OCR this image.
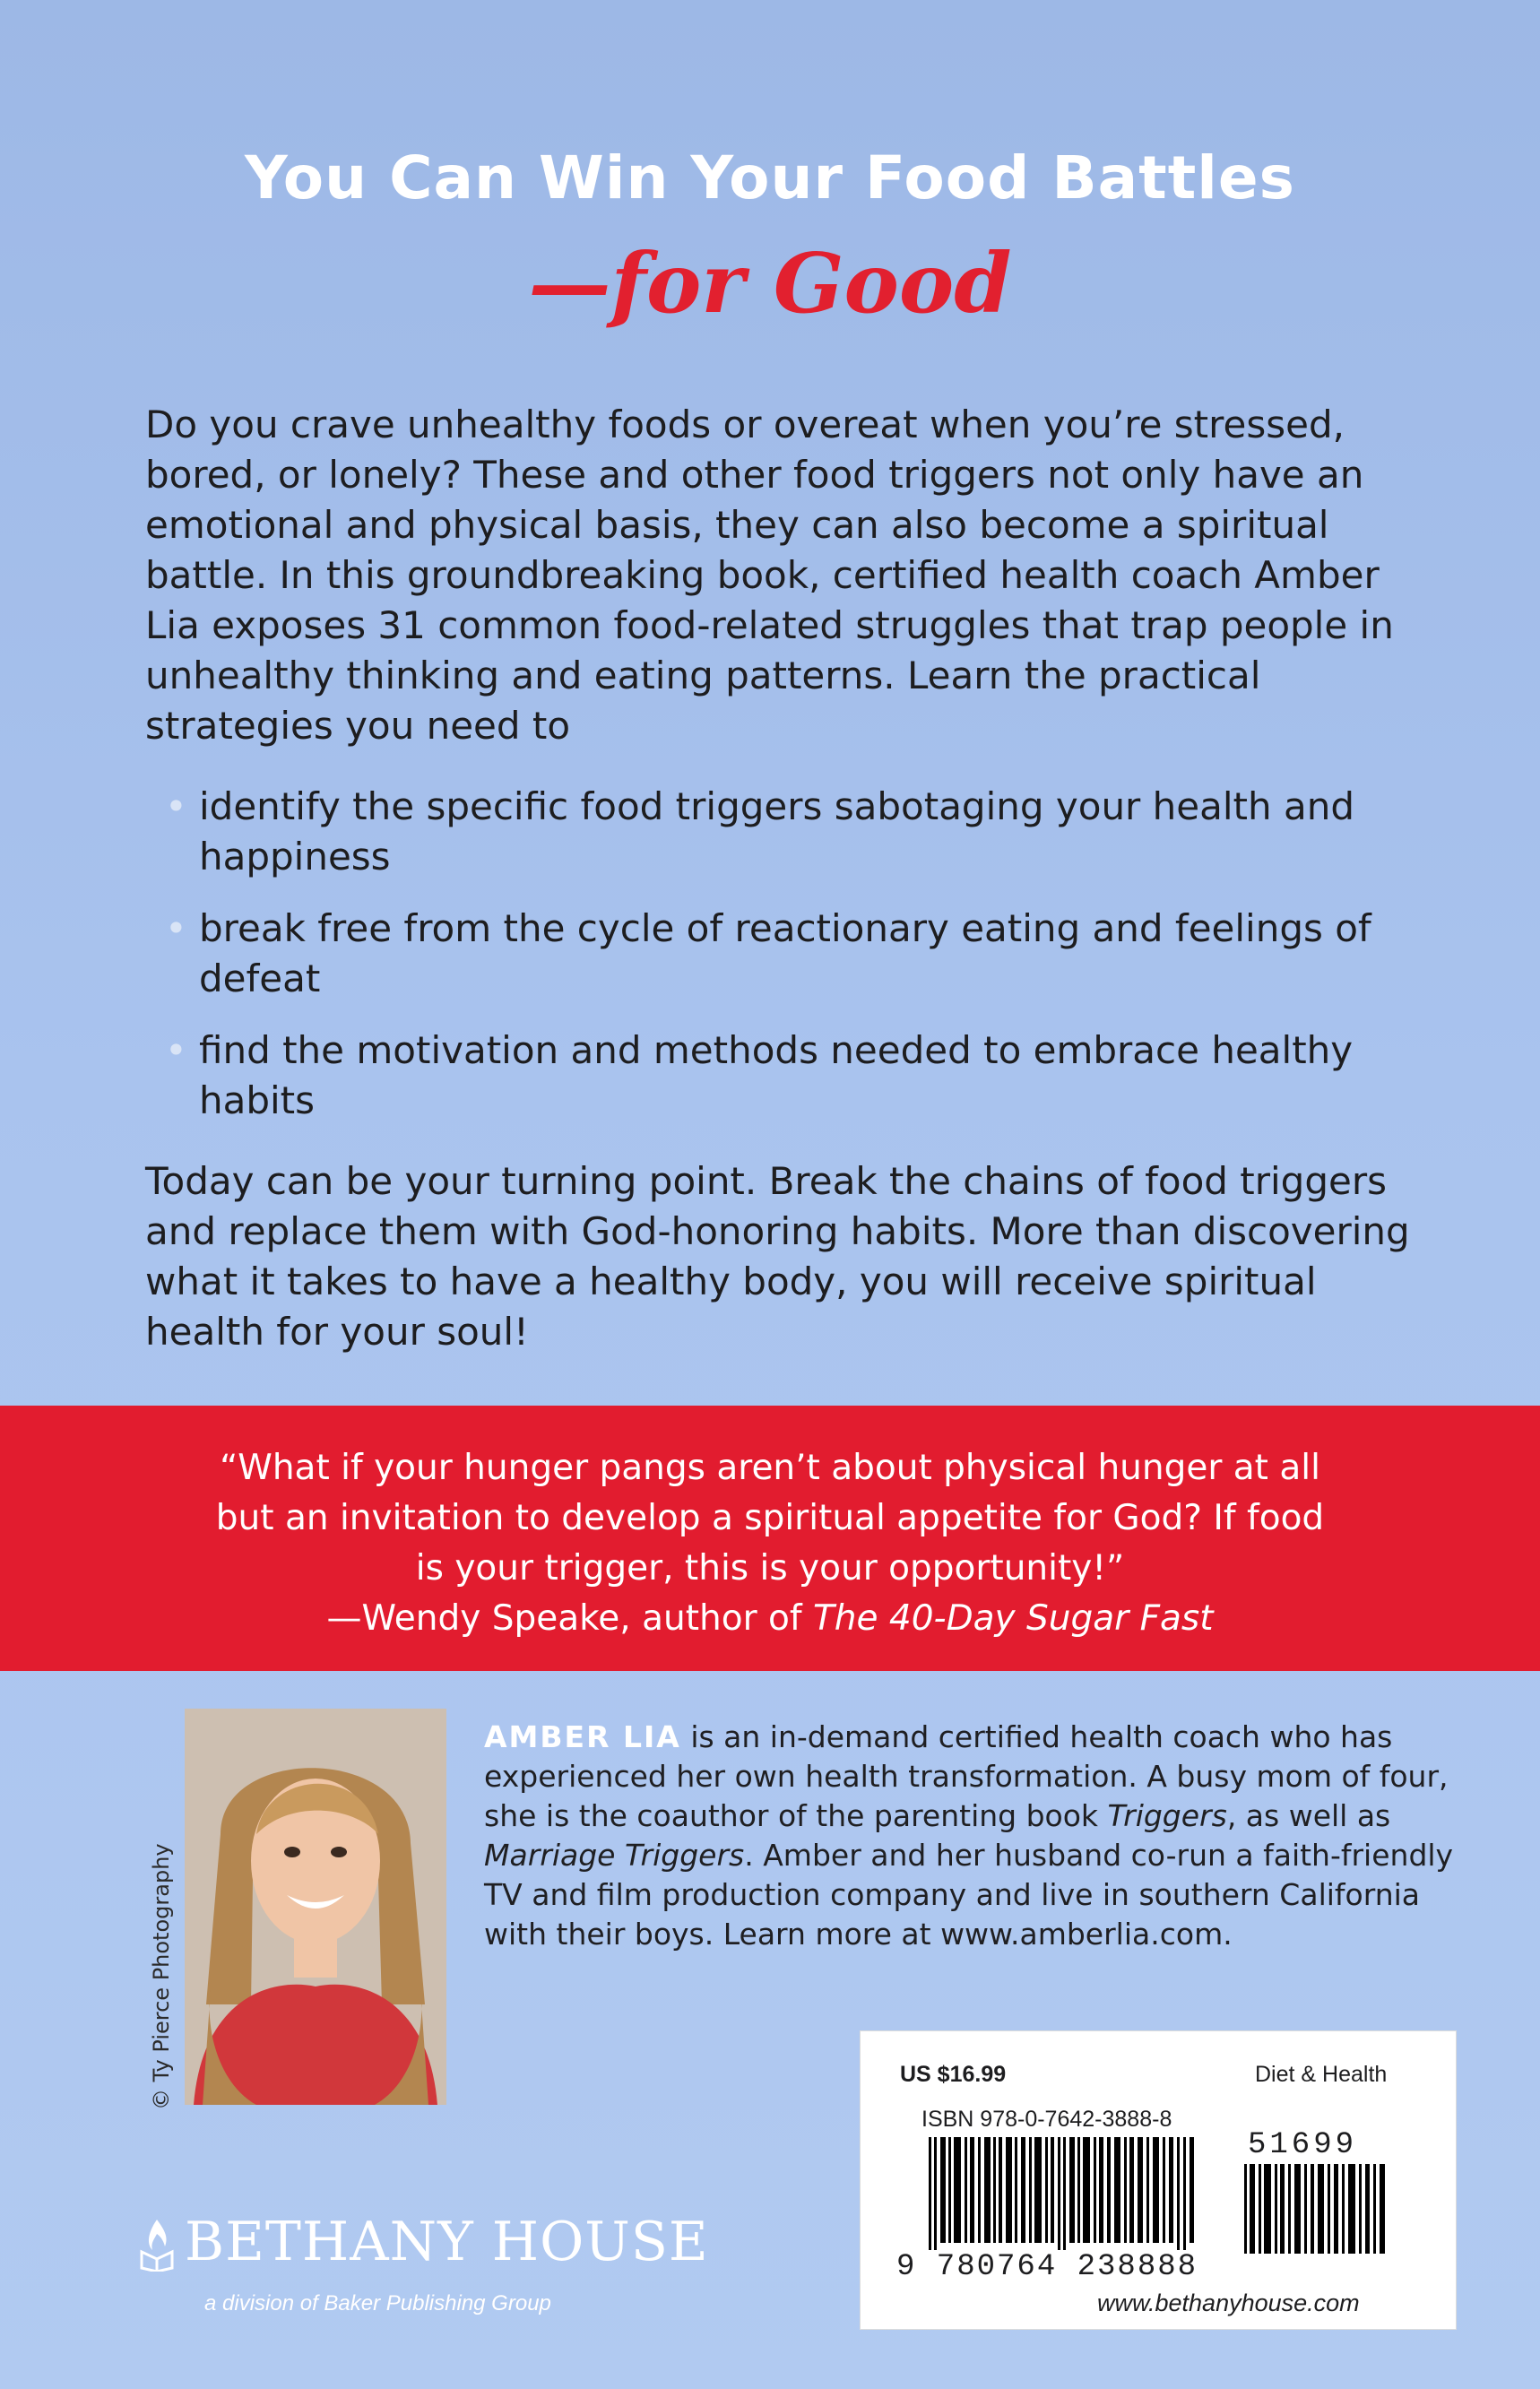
You Can Win Your Food Battles
—for Good
Do you crave unhealthy foods or overeat when you’re stressed, bored, or lonely? These and other food triggers not only have an emotional and physical basis, they can also become a spiritual battle. In this groundbreaking book, certified health coach Amber Lia exposes 31 common food-related struggles that trap people in unhealthy thinking and eating patterns. Learn the practical strategies you need to
• identify the specific food triggers sabotaging your health and happiness
• break free from the cycle of reactionary eating and feelings of defeat
• find the motivation and methods needed to embrace healthy habits
Today can be your turning point. Break the chains of food triggers and replace them with God-honoring habits. More than discovering what it takes to have a healthy body, you will receive spiritual health for your soul!
“What if your hunger pangs aren’t about physical hunger at all but an invitation to develop a spiritual appetite for God? If food is your trigger, this is your opportunity!”
—Wendy Speake, author of The 40-Day Sugar Fast
© Ty Pierce Photography
AMBER LIA is an in-demand certified health coach who has experienced her own health transformation. A busy mom of four, she is the coauthor of the parenting book Triggers, as well as Marriage Triggers. Amber and her husband co-run a faith-friendly TV and film production company and live in southern California with their boys. Learn more at www.amberlia.com.
US $16.99	Diet & Health
ISBN 978-0-7642-3888-8
51699
9 780764 238888
www.bethanyhouse.com
BETHANY HOUSE
a division of Baker Publishing Group
